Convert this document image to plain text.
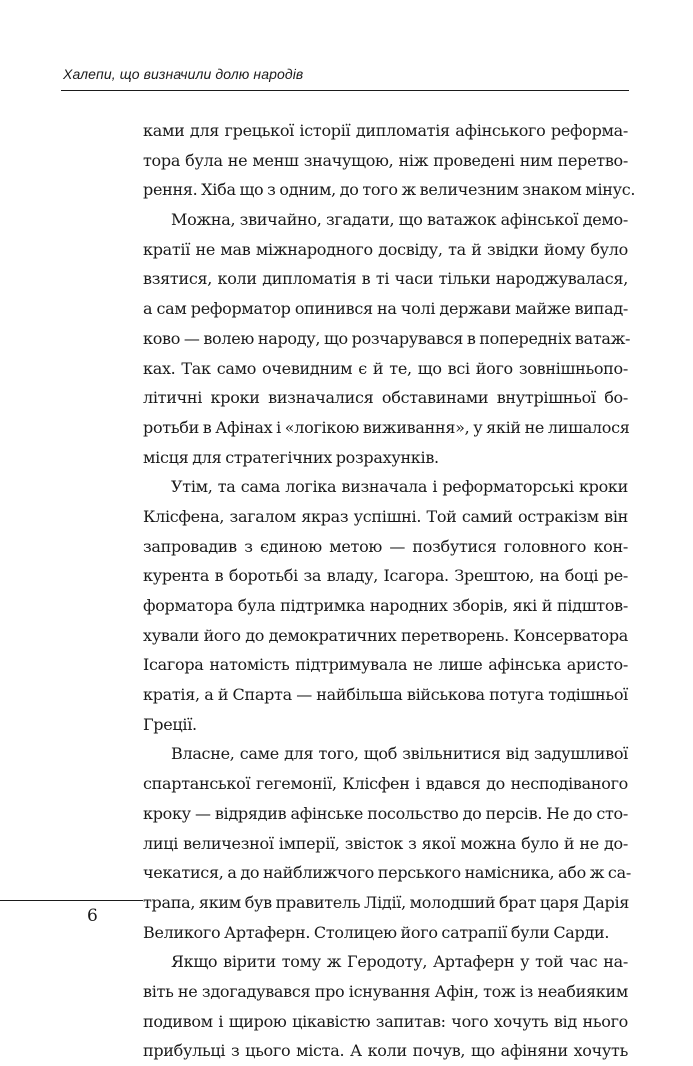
Халепи, що визначили долю народів
ками для грецької історії дипломатія афінського реформа-
тора була не менш значущою, ніж проведені ним перетво-
рення. Хіба що з одним, до того ж величезним знаком мінус.
Можна, звичайно, згадати, що ватажок афінської демо-
кратії не мав міжнародного досвіду, та й звідки йому було
взятися, коли дипломатія в ті часи тільки народжувалася,
а сам реформатор опинився на чолі держави майже випад-
ково — волею народу, що розчарувався в попередніх ватаж-
ках. Так само очевидним є й те, що всі його зовнішньопо-
літичні кроки визначалися обставинами внутрішньої бо-
ротьби в Афінах і «логікою виживання», у якій не лишалося
місця для стратегічних розрахунків.
Утім, та сама логіка визначала і реформаторські кроки
Клісфена, загалом якраз успішні. Той самий остракізм він
запровадив з єдиною метою — позбутися головного кон-
курента в боротьбі за владу, Ісагора. Зрештою, на боці ре-
форматора була підтримка народних зборів, які й підштов-
хували його до демократичних перетворень. Консерватора
Ісагора натомість підтримувала не лише афінська аристо-
кратія, а й Спарта — найбільша військова потуга тодішньої
Греції.
Власне, саме для того, щоб звільнитися від задушливої
спартанської гегемонії, Клісфен і вдався до несподіваного
кроку — відрядив афінське посольство до персів. Не до сто-
лиці величезної імперії, звісток з якої можна було й не до-
чекатися, а до найближчого перського намісника, або ж са-
трапа, яким був правитель Лідії, молодший брат царя Дарія
Великого Артаферн. Столицею його сатрапії були Сарди.
Якщо вірити тому ж Геродоту, Артаферн у той час на-
віть не здогадувався про існування Афін, тож із неабияким
подивом і щирою цікавістю запитав: чого хочуть від нього
прибульці з цього міста. А коли почув, що афіняни хочуть
6
